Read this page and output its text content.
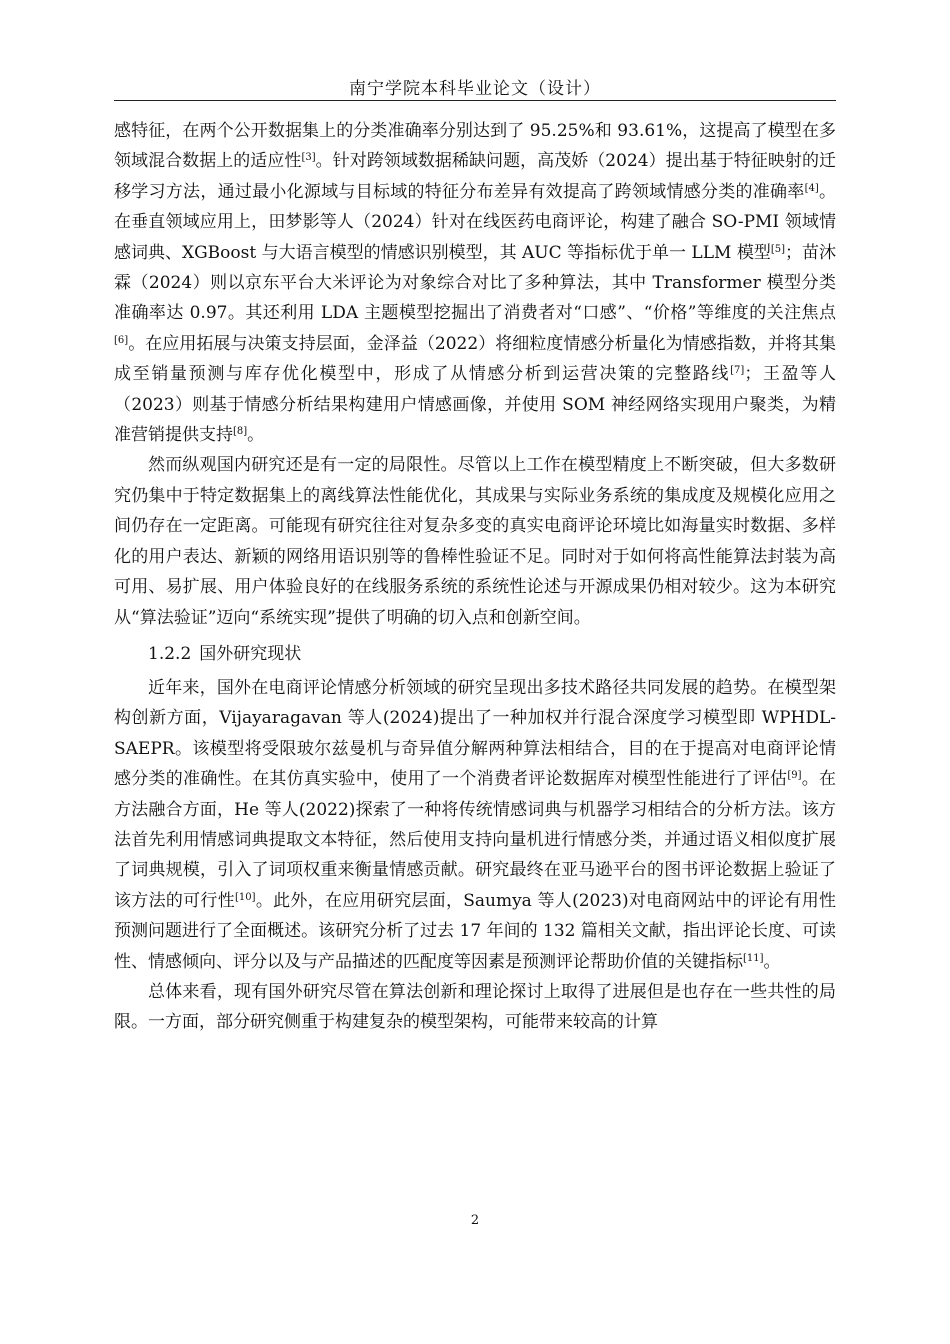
南宁学院本科毕业论文（设计）

感特征，在两个公开数据集上的分类准确率分别达到了 95.25%和 93.61%，这提高了模型在多领域混合数据上的适应性[3]。针对跨领域数据稀缺问题，高茂娇（2024）提出基于特征映射的迁移学习方法，通过最小化源域与目标域的特征分布差异有效提高了跨领域情感分类的准确率[4]。在垂直领域应用上，田梦影等人（2024）针对在线医药电商评论，构建了融合 SO-PMI 领域情感词典、XGBoost 与大语言模型的情感识别模型，其 AUC 等指标优于单一 LLM 模型[5]；苗沐霖（2024）则以京东平台大米评论为对象综合对比了多种算法，其中 Transformer 模型分类准确率达 0.97。其还利用 LDA 主题模型挖掘出了消费者对“口感”、“价格”等维度的关注焦点[6]。在应用拓展与决策支持层面，金泽益（2022）将细粒度情感分析量化为情感指数，并将其集成至销量预测与库存优化模型中，形成了从情感分析到运营决策的完整路线[7]；王盈等人（2023）则基于情感分析结果构建用户情感画像，并使用 SOM 神经网络实现用户聚类，为精准营销提供支持[8]。

然而纵观国内研究还是有一定的局限性。尽管以上工作在模型精度上不断突破，但大多数研究仍集中于特定数据集上的离线算法性能优化，其成果与实际业务系统的集成度及规模化应用之间仍存在一定距离。可能现有研究往往对复杂多变的真实电商评论环境比如海量实时数据、多样化的用户表达、新颖的网络用语识别等的鲁棒性验证不足。同时对于如何将高性能算法封装为高可用、易扩展、用户体验良好的在线服务系统的系统性论述与开源成果仍相对较少。这为本研究从“算法验证”迈向“系统实现”提供了明确的切入点和创新空间。

1.2.2 国外研究现状

近年来，国外在电商评论情感分析领域的研究呈现出多技术路径共同发展的趋势。在模型架构创新方面，Vijayaragavan 等人(2024)提出了一种加权并行混合深度学习模型即 WPHDL-SAEPR。该模型将受限玻尔兹曼机与奇异值分解两种算法相结合，目的在于提高对电商评论情感分类的准确性。在其仿真实验中，使用了一个消费者评论数据库对模型性能进行了评估[9]。在方法融合方面，He 等人(2022)探索了一种将传统情感词典与机器学习相结合的分析方法。该方法首先利用情感词典提取文本特征，然后使用支持向量机进行情感分类，并通过语义相似度扩展了词典规模，引入了词项权重来衡量情感贡献。研究最终在亚马逊平台的图书评论数据上验证了该方法的可行性[10]。此外，在应用研究层面，Saumya 等人(2023)对电商网站中的评论有用性预测问题进行了全面概述。该研究分析了过去 17 年间的 132 篇相关文献，指出评论长度、可读性、情感倾向、评分以及与产品描述的匹配度等因素是预测评论帮助价值的关键指标[11]。

总体来看，现有国外研究尽管在算法创新和理论探讨上取得了进展但是也存在一些共性的局限。一方面，部分研究侧重于构建复杂的模型架构，可能带来较高的计算

2
